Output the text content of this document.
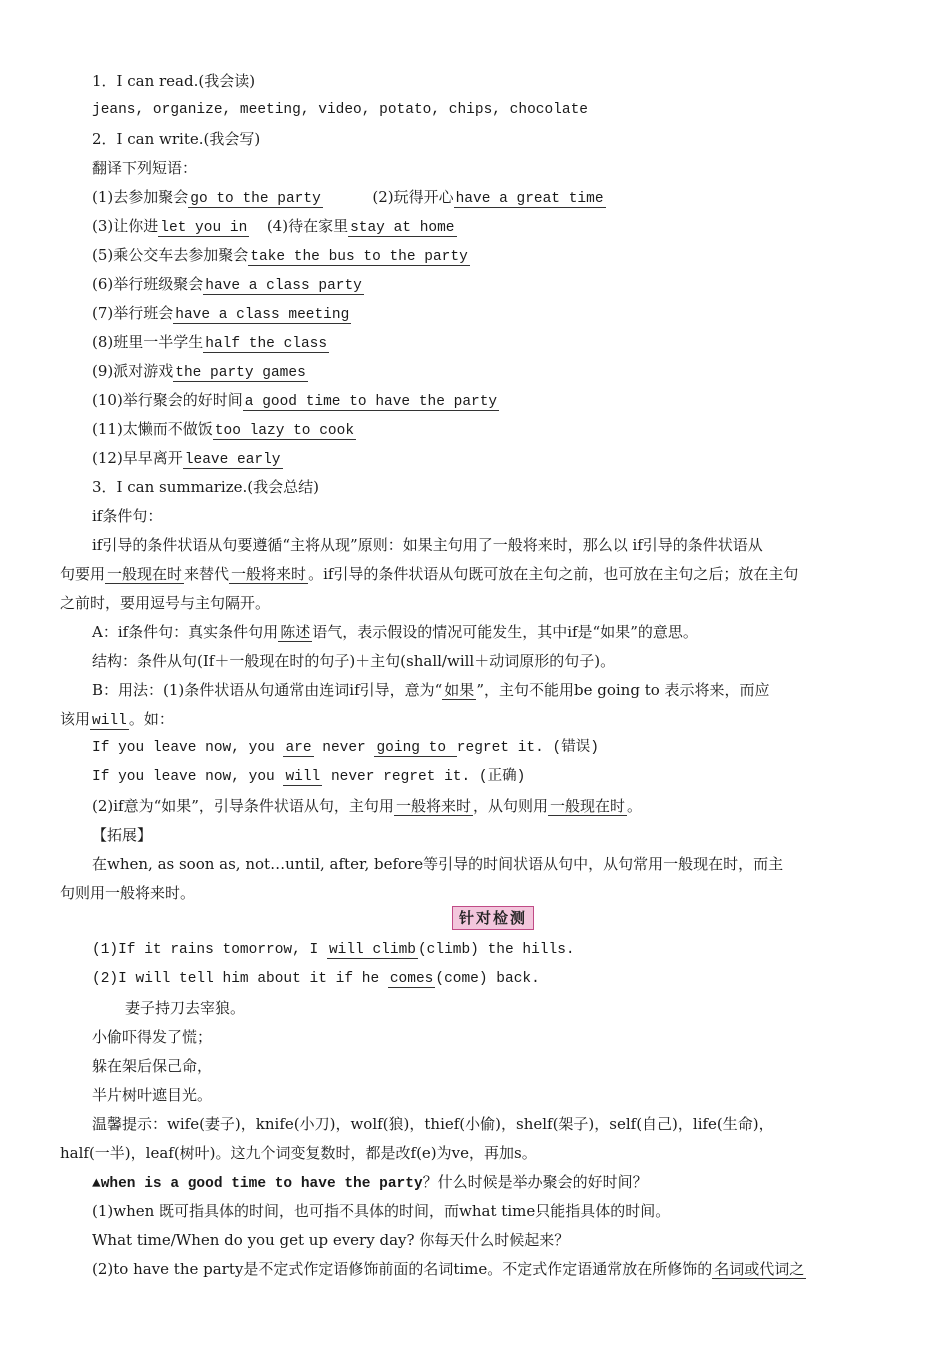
1．I can read.(我会读)
jeans, organize, meeting, video, potato, chips, chocolate
2．I can write.(我会写)
翻译下列短语：
(1)去参加聚会 go to the party	(2)玩得开心 have a great time
(3)让你进 let you in (4)待在家里 stay at home
(5)乘公交车去参加聚会 take the bus to the party
(6)举行班级聚会 have a class party
(7)举行班会 have a class meeting
(8)班里一半学生 half the class
(9)派对游戏 the party games
(10)举行聚会的好时间 a good time to have the party
(11)太懒而不做饭 too lazy to cook
(12)早早离开 leave early
3．I can summarize.(我会总结)
if条件句：
if引导的条件状语从句要遵循“主将从现”原则：如果主句用了一般将来时，那么以 if引导的条件状语从
句要用 一般现在时 来替代 一般将来时 。if引导的条件状语从句既可放在主句之前，也可放在主句之后；放在主句
之前时，要用逗号与主句隔开。
A：if条件句：真实条件句用 陈述 语气，表示假设的情况可能发生，其中if是“如果”的意思。
结构：条件从句(If＋一般现在时的句子)＋主句(shall/will＋动词原形的句子)。
B：用法：(1)条件状语从句通常由连词if引导，意为“ 如果 ”，主句不能用be going to 表示将来，而应
该用 will 。如：
If you leave now, you are never going to regret it. (错误)
If you leave now, you will never regret it. (正确)
(2)if意为“如果”，引导条件状语从句，主句用 一般将来时 ，从句则用 一般现在时 。
【拓展】
在when, as soon as, not…until, after, before等引导的时间状语从句中，从句常用一般现在时，而主
句则用一般将来时。
针对检测
(1)If it rains tomorrow, I will climb (climb) the hills.
(2)I will tell him about it if he comes (come) back.
妻子持刀去宰狼。
小偷吓得发了慌；
躲在架后保己命，
半片树叶遮目光。
温馨提示：wife(妻子)，knife(小刀)，wolf(狼)，thief(小偷)，shelf(架子)，self(自己)，life(生命)，
half(一半)，leaf(树叶)。这九个词变复数时，都是改f(e)为ve，再加s。
▲when is a good time to have the party？什么时候是举办聚会的好时间？
(1)when 既可指具体的时间，也可指不具体的时间，而what time只能指具体的时间。
What time/When do you get up every day? 你每天什么时候起来？
(2)to have the party是不定式作定语修饰前面的名词time。不定式作定语通常放在所修饰的 名词或代词之
